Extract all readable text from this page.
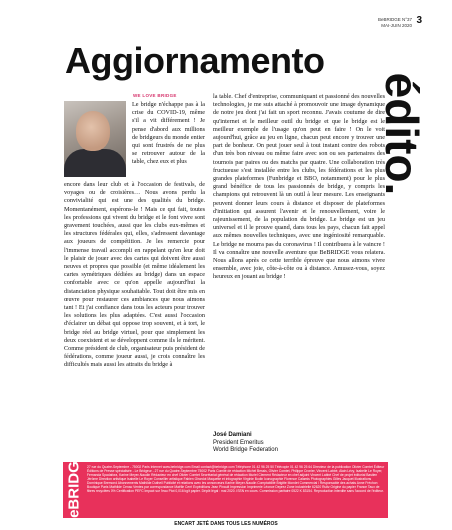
BeBRIDGE N°37
MAI-JUIN 2020 3
Aggiornamento
édito.
WE LOVE BRIDGE

Le bridge n'échappe pas à la crise du COVID-19, même s'il a vit différement ! Je pense d'abord aux millions de bridgeurs du monde entier qui sont frustrés de ne plus se retrouver autour de la table, chez eux et plus

encore dans leur club et à l'occasion de festivals, de voyages ou de croisières… Nous avons perdu la convivialité qui est une des qualités du bridge. Momentanément, espérons-le ! Mais ce qui fait, toutes les professions qui vivent du bridge et le font vivre sont gravement touchées, aussi que les clubs eux-mêmes et les structures fédérales qui, elles, s'adressent davantage aux joueurs de compétition. Je les remercie pour l'immense travail accompli en rappelant qu'en leur doit le plaisir de jouer avec des cartes qui doivent être aussi neuves et propres que possible (et même idéalement les cartes symétriques dédiées au bridge) dans un espace confortable avec ce qu'on appelle aujourd'hui la distanciation physique souhaitable. Tout doit être mis en œuvre pour restaurer ces ambiances que nous aimons tant ! Et j'ai confiance dans tous les acteurs pour trouver les solutions les plus adaptées. C'est aussi l'occasion d'éclairer un débat qui oppose trop souvent, et à tort, le bridge réel au bridge virtuel, pour que simplement les deux coexistent et se développent comme ils le méritent. Comme président de club, organisateur puis président de fédérations, comme joueur aussi, je crois connaître les difficultés mais aussi les attraits du bridge à

la table. Chef d'entreprise, communiquant et passionné des nouvelles technologies, je me suis attaché à promouvoir une image dynamique de notre jeu dont j'ai fait un sport reconnu. J'avais coutume de dire qu'internet et le meilleur outil du bridge et que le bridge est le meilleur exemple de l'usage qu'on peut en faire ! On le voit aujourd'hui, grâce au jeu en ligne, chacun peut encore y trouver une part de bonheur. On peut jouer seul à tout instant contre des robots d'un très bon niveau ou même faire avec son ou ses partenaires des tournois par paires ou des matchs par quatre. Une collaboration très fructueuse s'est installée entre les clubs, les fédérations et les plus grandes plateformes (Funbridge et BBO, notamment) pour le plus grand bénéfice de tous les passionnés de bridge, y compris les champions qui retrouvent là un outil à leur mesure. Les enseignants peuvent donner leurs cours à distance et disposer de plateformes d'initiation qui assurent l'avenir et le renouvellement, voire le rajeunissement, de la population du bridge. Le bridge est un jeu universel et il le prouve quand, dans tous les pays, chacun fait appel aux mêmes nouvelles techniques, avec une ingéniosité remarquable. Le bridge ne mourra pas du coronavirus ! Il contribuera à le vaincre ! Il va connaître une nouvelle aventure que BeBRIDGE vous relatera. Nous allons après ce cette terrible épreuve que nous aimons vivre ensemble, avec joie, côte-à-côte ou à distance. Amusez-vous, soyez heureux en jouant au bridge !

José Damiani
President Emeritus
World Bridge Federation
BeBRIDGE 27 rue du Quatre-Septembre - 75002 Paris Internet www.bebridge.com Email contact@bebridge.com Téléphone 01 42 96 25 50 Télécopie 01 42 96 25 64 Directeur de la publication Olivier Comtet Éditeur Éditions de Presse spécialisée - Le Bridgeur - 27 rue du Quatre-Septembre 75002 Paris Comité de rédaction Michel Bessis, Olivier Comtet, Philippe Cronier, Vincent Labbé, Alain Lévy, Isabelle Le Royer, Fernanda Spadafora, Karine Meyer-Naudin Rédacteur en chef Olivier Comtet Secrétariat général de rédaction Muriel Clement Rédacteur en chef adjoint Vincent Labbé Chef de projet éditorial Bastien Jérôme Direction artistique Isabelle Le Royer Conseiller artistique Fabien Girardot Maquette et infographie Virginie Bodin Iconographie Florence Calamis Photographies Gilles Jacquet Illustrations Dominique Bremond Abonnements Mathilde Dutheil Publicité et relations avec les annonceurs Karine Meyer-Naudin Comptabilité Brigitte Mondet Commercial / Responsable des achats Anne Fréchon Boutique Paris Mathilde Cenac Ventes par correspondance Maëlle Cerri Expéditions Jean Pinault Impression Imprimerie Léonce Deprez Zone industrielle 62620 Ruitz Origine du papier France Taux de fibres recyclées 0% Certification PEFC Impact sur l'eau Ptot 0,016 kg/t papier. Dépôt légal : mai 2020. ISSN en cours. Commission paritaire 0522 K 83154. Reproduction interdite sans l'accord de l'éditeur.

ENCART JETÉ DANS TOUS LES NUMÉROS
